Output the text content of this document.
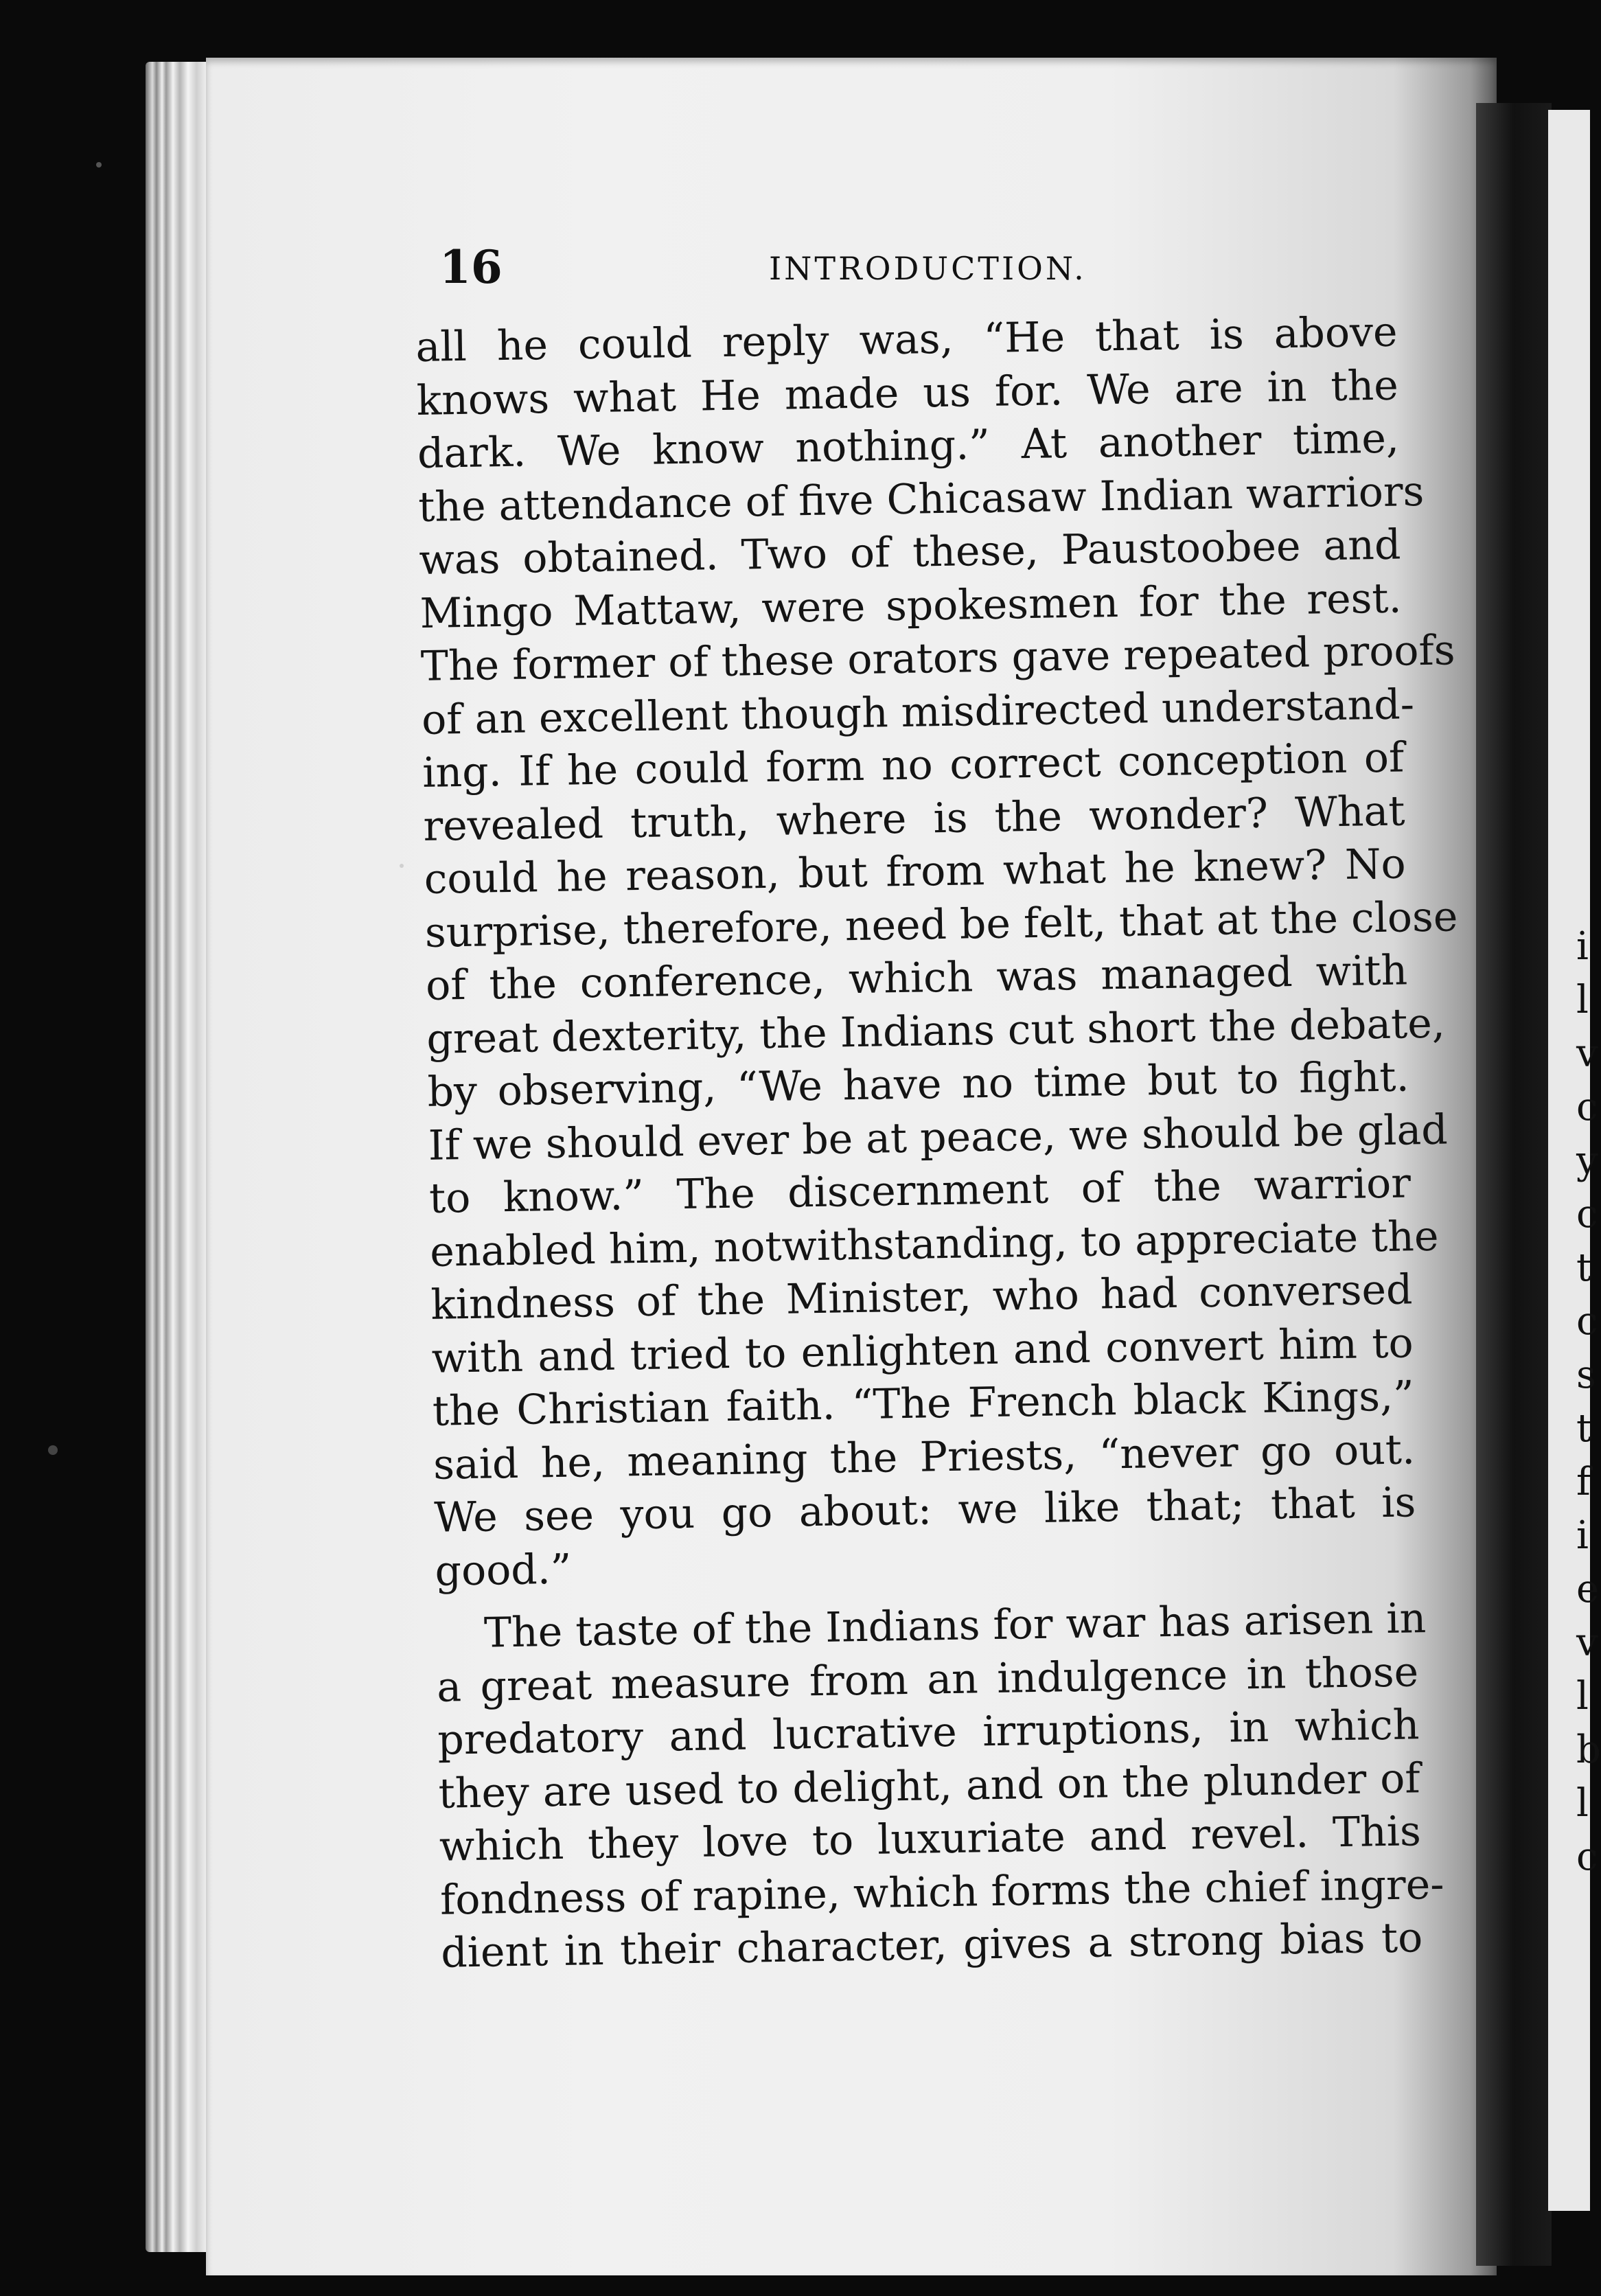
i
l
v
c
y
c
t
c
s
t
f
i
e
v
l
b
l
c
16	INTRODUCTION.
all he could reply was, “He that is above
knows what He made us for. We are in the
dark. We know nothing.” At another time,
the attendance of five Chicasaw Indian warriors
was obtained. Two of these, Paustoobee and
Mingo Mattaw, were spokesmen for the rest.
The former of these orators gave repeated proofs
of an excellent though misdirected understand-
ing. If he could form no correct conception of
revealed truth, where is the wonder? What
could he reason, but from what he knew? No
surprise, therefore, need be felt, that at the close
of the conference, which was managed with
great dexterity, the Indians cut short the debate,
by observing, “We have no time but to fight.
If we should ever be at peace, we should be glad
to know.” The discernment of the warrior
enabled him, notwithstanding, to appreciate the
kindness of the Minister, who had conversed
with and tried to enlighten and convert him to
the Christian faith. “The French black Kings,”
said he, meaning the Priests, “never go out.
We see you go about: we like that; that is
good.”
The taste of the Indians for war has arisen in
a great measure from an indulgence in those
predatory and lucrative irruptions, in which
they are used to delight, and on the plunder of
which they love to luxuriate and revel. This
fondness of rapine, which forms the chief ingre-
dient in their character, gives a strong bias to
